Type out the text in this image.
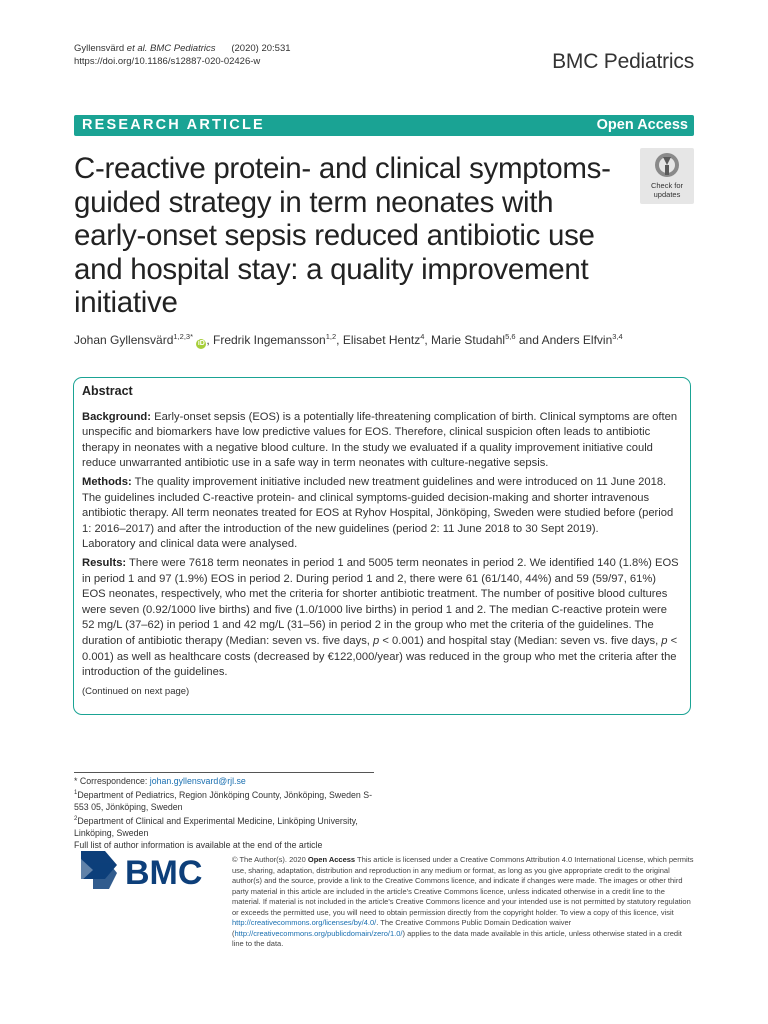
Gyllensvärd et al. BMC Pediatrics (2020) 20:531
https://doi.org/10.1186/s12887-020-02426-w	BMC Pediatrics
RESEARCH ARTICLE	Open Access
C-reactive protein- and clinical symptoms-guided strategy in term neonates with early-onset sepsis reduced antibiotic use and hospital stay: a quality improvement initiative
Check for
updates
Johan Gyllensvärd$^{1,2,3*}$ iD , Fredrik Ingemansson$^{1,2}$, Elisabet Hentz$^4$, Marie Studahl$^{5,6}$ and Anders Elfvin$^{3,4}$
Abstract

Background: Early-onset sepsis (EOS) is a potentially life-threatening complication of birth. Clinical symptoms are often unspecific and biomarkers have low predictive values for EOS. Therefore, clinical suspicion often leads to antibiotic therapy in neonates with a negative blood culture. In the study we evaluated if a quality improvement initiative could reduce unwarranted antibiotic use in a safe way in term neonates with culture-negative sepsis.

Methods: The quality improvement initiative included new treatment guidelines and were introduced on 11 June 2018. The guidelines included C-reactive protein- and clinical symptoms-guided decision-making and shorter intravenous antibiotic therapy. All term neonates treated for EOS at Ryhov Hospital, Jönköping, Sweden were studied before (period 1: 2016–2017) and after the introduction of the new guidelines (period 2: 11 June 2018 to 30 Sept 2019).

Laboratory and clinical data were analysed.

Results: There were 7618 term neonates in period 1 and 5005 term neonates in period 2. We identified 140 (1.8%) EOS in period 1 and 97 (1.9%) EOS in period 2. During period 1 and 2, there were 61 (61/140, 44%) and 59 (59/97, 61%) EOS neonates, respectively, who met the criteria for shorter antibiotic treatment. The number of positive blood cultures were seven (0.92/1000 live births) and five (1.0/1000 live births) in period 1 and 2. The median C-reactive protein were 52 mg/L (37–62) in period 1 and 42 mg/L (31–56) in period 2 in the group who met the criteria of the guidelines. The duration of antibiotic therapy (Median: seven vs. five days, p < 0.001) and hospital stay (Median: seven vs. five days, p < 0.001) as well as healthcare costs (decreased by €122,000/year) was reduced in the group who met the criteria after the introduction of the guidelines.

(Continued on next page)
* Correspondence: johan.gyllensvard@rjl.se
$^1$Department of Pediatrics, Region Jönköping County, Jönköping, Sweden S-553 05, Jönköping, Sweden
$^2$Department of Clinical and Experimental Medicine, Linköping University, Linköping, Sweden
Full list of author information is available at the end of the article
BMC	© The Author(s). 2020 Open Access This article is licensed under a Creative Commons Attribution 4.0 International License, which permits use, sharing, adaptation, distribution and reproduction in any medium or format, as long as you give appropriate credit to the original author(s) and the source, provide a link to the Creative Commons licence, and indicate if changes were made. The images or other third party material in this article are included in the article's Creative Commons licence, unless indicated otherwise in a credit line to the material. If material is not included in the article's Creative Commons licence and your intended use is not permitted by statutory regulation or exceeds the permitted use, you will need to obtain permission directly from the copyright holder. To view a copy of this licence, visit http://creativecommons.org/licenses/by/4.0/. The Creative Commons Public Domain Dedication waiver (http://creativecommons.org/publicdomain/zero/1.0/) applies to the data made available in this article, unless otherwise stated in a credit line to the data.
